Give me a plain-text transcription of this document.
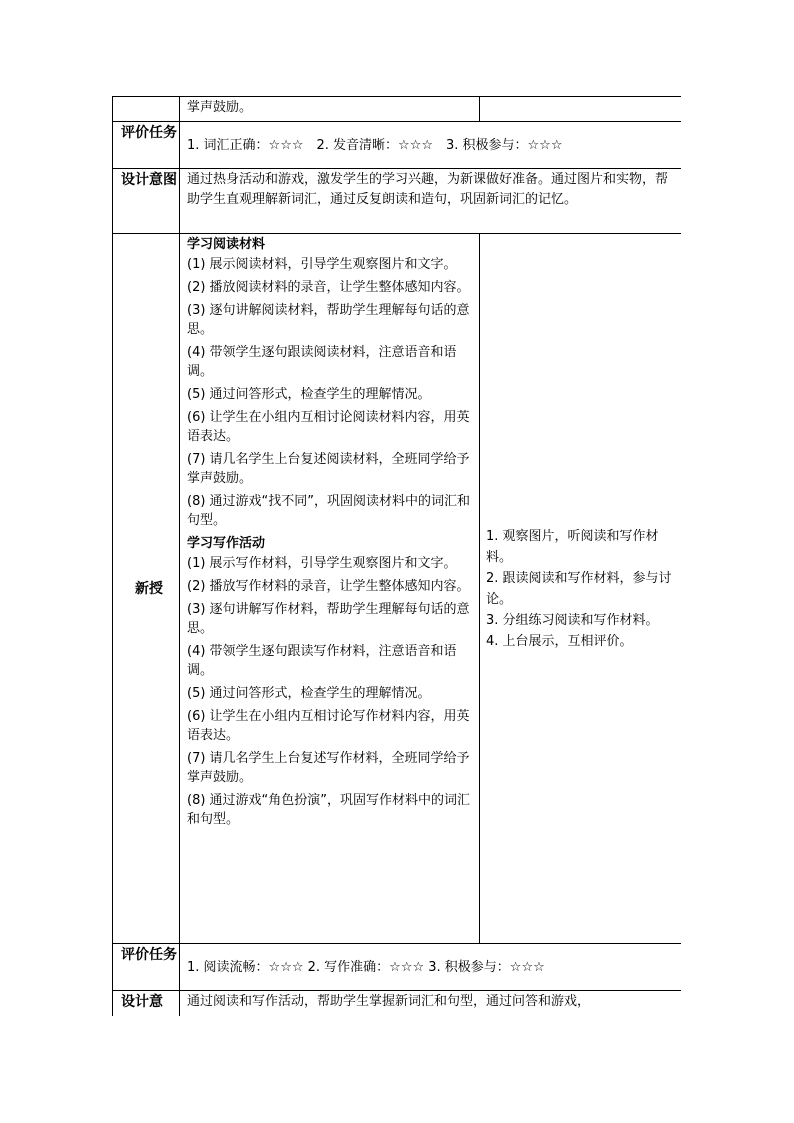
掌声鼓励。
评价任务
1. 词汇正确：☆☆☆　2. 发音清晰：☆☆☆　3. 积极参与：☆☆☆
设计意图 通过热身活动和游戏，激发学生的学习兴趣，为新课做好准备。通过图片和实物，帮助学生直观理解新词汇，通过反复朗读和造句，巩固新词汇的记忆。
新授

学习阅读材料

(1) 展示阅读材料，引导学生观察图片和文字。

(2) 播放阅读材料的录音，让学生整体感知内容。

(3) 逐句讲解阅读材料，帮助学生理解每句话的意思。

(4) 带领学生逐句跟读阅读材料，注意语音和语调。

(5) 通过问答形式，检查学生的理解情况。

(6) 让学生在小组内互相讨论阅读材料内容，用英语表达。

(7) 请几名学生上台复述阅读材料，全班同学给予掌声鼓励。

(8) 通过游戏“找不同”，巩固阅读材料中的词汇和句型。

学习写作活动

(1) 展示写作材料，引导学生观察图片和文字。

(2) 播放写作材料的录音，让学生整体感知内容。

(3) 逐句讲解写作材料，帮助学生理解每句话的意思。

(4) 带领学生逐句跟读写作材料，注意语音和语调。

(5) 通过问答形式，检查学生的理解情况。

(6) 让学生在小组内互相讨论写作材料内容，用英语表达。

(7) 请几名学生上台复述写作材料，全班同学给予掌声鼓励。

(8) 通过游戏“角色扮演”，巩固写作材料中的词汇和句型。

1. 观察图片，听阅读和写作材料。
2. 跟读阅读和写作材料，参与讨论。
3. 分组练习阅读和写作材料。
4. 上台展示，互相评价。
评价任务
1. 阅读流畅：☆☆☆ 2. 写作准确：☆☆☆ 3. 积极参与：☆☆☆
设计意	通过阅读和写作活动，帮助学生掌握新词汇和句型，通过问答和游戏，
